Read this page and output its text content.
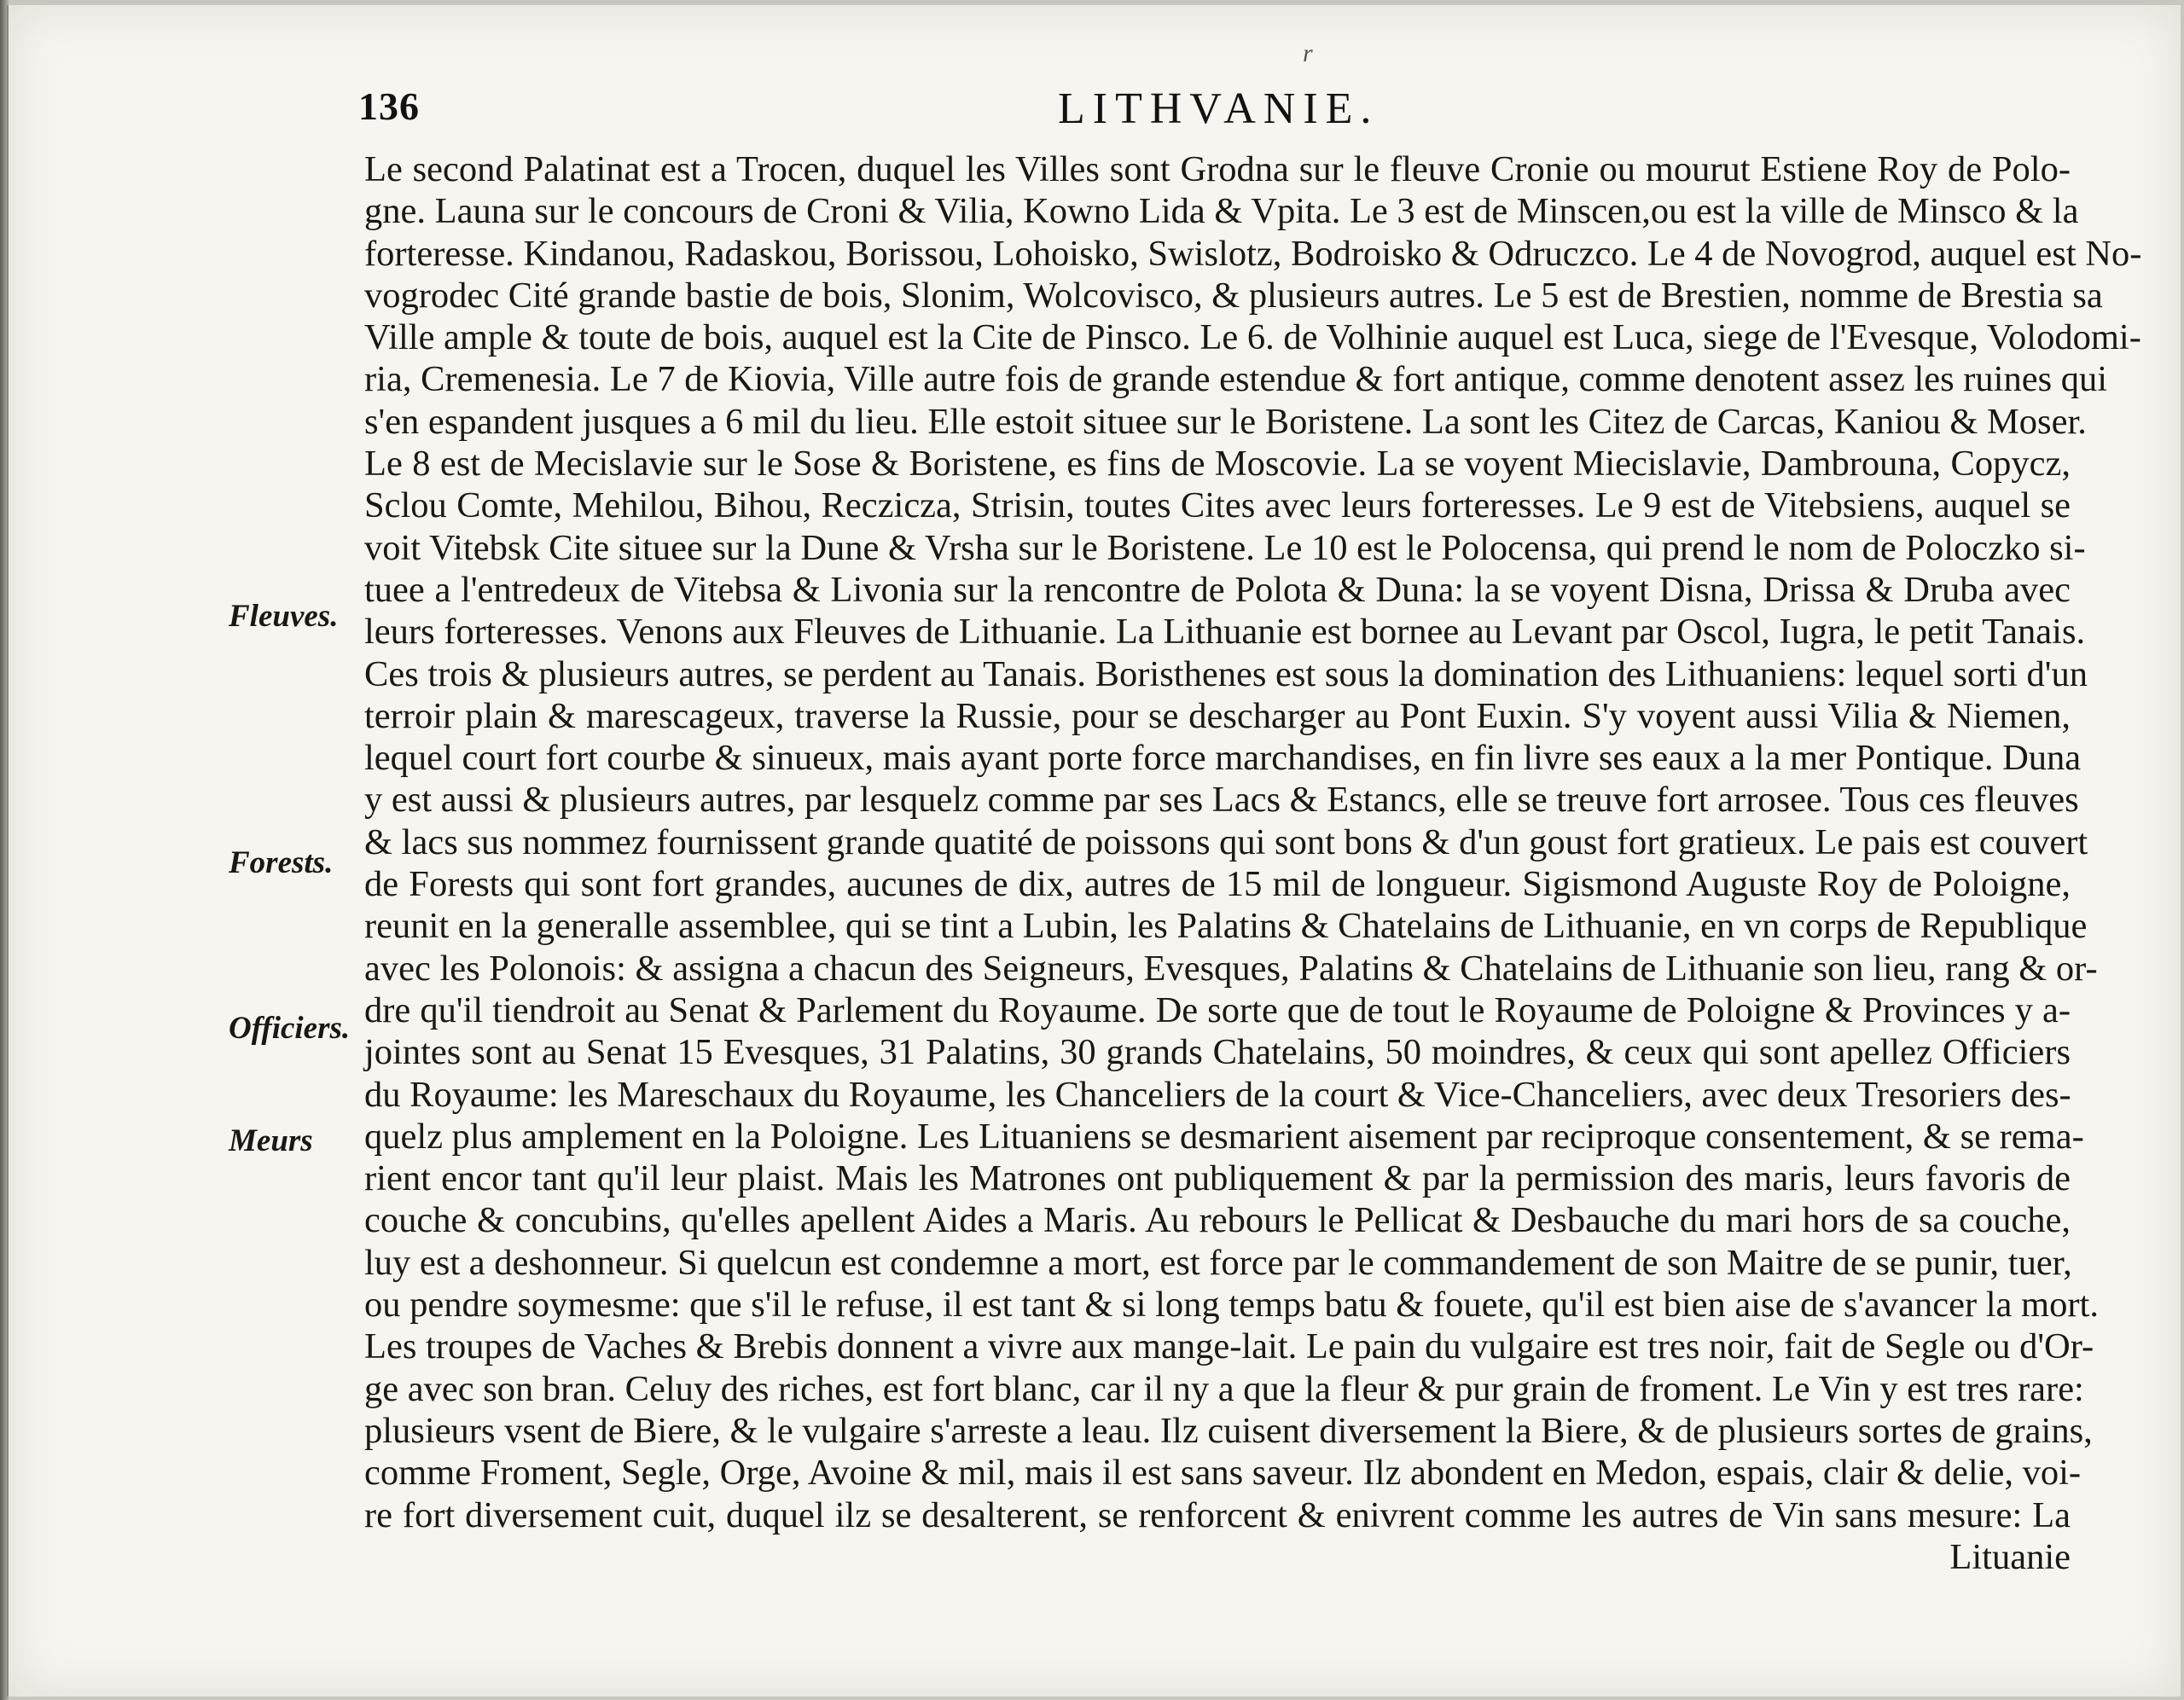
r
136	LITHVANIE.
Fleuves.
Forests.
Officiers.
Meurs
Le second Palatinat est a Trocen, duquel les Villes sont Grodna sur le fleuve Cronie ou mourut Estiene Roy de Polo-
gne. Launa sur le concours de Croni & Vilia, Kowno Lida & Vpita. Le 3 est de Minscen,ou est la ville de Minsco & la
forteresse. Kindanou, Radaskou, Borissou, Lohoisko, Swislotz, Bodroisko & Odruczco. Le 4 de Novogrod, auquel est No-
vogrodec Cité grande bastie de bois, Slonim, Wolcovisco, & plusieurs autres. Le 5 est de Brestien, nomme de Brestia sa
Ville ample & toute de bois, auquel est la Cite de Pinsco. Le 6. de Volhinie auquel est Luca, siege de l'Evesque, Volodomi-
ria, Cremenesia. Le 7 de Kiovia, Ville autre fois de grande estendue & fort antique, comme denotent assez les ruines qui
s'en espandent jusques a 6 mil du lieu. Elle estoit situee sur le Boristene. La sont les Citez de Carcas, Kaniou & Moser.
Le 8 est de Mecislavie sur le Sose & Boristene, es fins de Moscovie. La se voyent Miecislavie, Dambrouna, Copycz,
Sclou Comte, Mehilou, Bihou, Reczicza, Strisin, toutes Cites avec leurs forteresses. Le 9 est de Vitebsiens, auquel se
voit Vitebsk Cite situee sur la Dune & Vrsha sur le Boristene. Le 10 est le Polocensa, qui prend le nom de Poloczko si-
tuee a l'entredeux de Vitebsa & Livonia sur la rencontre de Polota & Duna: la se voyent Disna, Drissa & Druba avec
leurs forteresses. Venons aux Fleuves de Lithuanie. La Lithuanie est bornee au Levant par Oscol, Iugra, le petit Tanais.
Ces trois & plusieurs autres, se perdent au Tanais. Boristhenes est sous la domination des Lithuaniens: lequel sorti d'un
terroir plain & marescageux, traverse la Russie, pour se descharger au Pont Euxin. S'y voyent aussi Vilia & Niemen,
lequel court fort courbe & sinueux, mais ayant porte force marchandises, en fin livre ses eaux a la mer Pontique. Duna
y est aussi & plusieurs autres, par lesquelz comme par ses Lacs & Estancs, elle se treuve fort arrosee. Tous ces fleuves
& lacs sus nommez fournissent grande quatité de poissons qui sont bons & d'un goust fort gratieux. Le pais est couvert
de Forests qui sont fort grandes, aucunes de dix, autres de 15 mil de longueur. Sigismond Auguste Roy de Poloigne,
reunit en la generalle assemblee, qui se tint a Lubin, les Palatins & Chatelains de Lithuanie, en vn corps de Republique
avec les Polonois: & assigna a chacun des Seigneurs, Evesques, Palatins & Chatelains de Lithuanie son lieu, rang & or-
dre qu'il tiendroit au Senat & Parlement du Royaume. De sorte que de tout le Royaume de Poloigne & Provinces y a-
jointes sont au Senat 15 Evesques, 31 Palatins, 30 grands Chatelains, 50 moindres, & ceux qui sont apellez Officiers
du Royaume: les Mareschaux du Royaume, les Chanceliers de la court & Vice-Chanceliers, avec deux Tresoriers des-
quelz plus amplement en la Poloigne. Les Lituaniens se desmarient aisement par reciproque consentement, & se rema-
rient encor tant qu'il leur plaist. Mais les Matrones ont publiquement & par la permission des maris, leurs favoris de
couche & concubins, qu'elles apellent Aides a Maris. Au rebours le Pellicat & Desbauche du mari hors de sa couche,
luy est a deshonneur. Si quelcun est condemne a mort, est force par le commandement de son Maitre de se punir, tuer,
ou pendre soymesme: que s'il le refuse, il est tant & si long temps batu & fouete, qu'il est bien aise de s'avancer la mort.
Les troupes de Vaches & Brebis donnent a vivre aux mange-lait. Le pain du vulgaire est tres noir, fait de Segle ou d'Or-
ge avec son bran. Celuy des riches, est fort blanc, car il ny a que la fleur & pur grain de froment. Le Vin y est tres rare:
plusieurs vsent de Biere, & le vulgaire s'arreste a leau. Ilz cuisent diversement la Biere, & de plusieurs sortes de grains,
comme Froment, Segle, Orge, Avoine & mil, mais il est sans saveur. Ilz abondent en Medon, espais, clair & delie, voi-
re fort diversement cuit, duquel ilz se desalterent, se renforcent & enivrent comme les autres de Vin sans mesure: La
Lituanie
